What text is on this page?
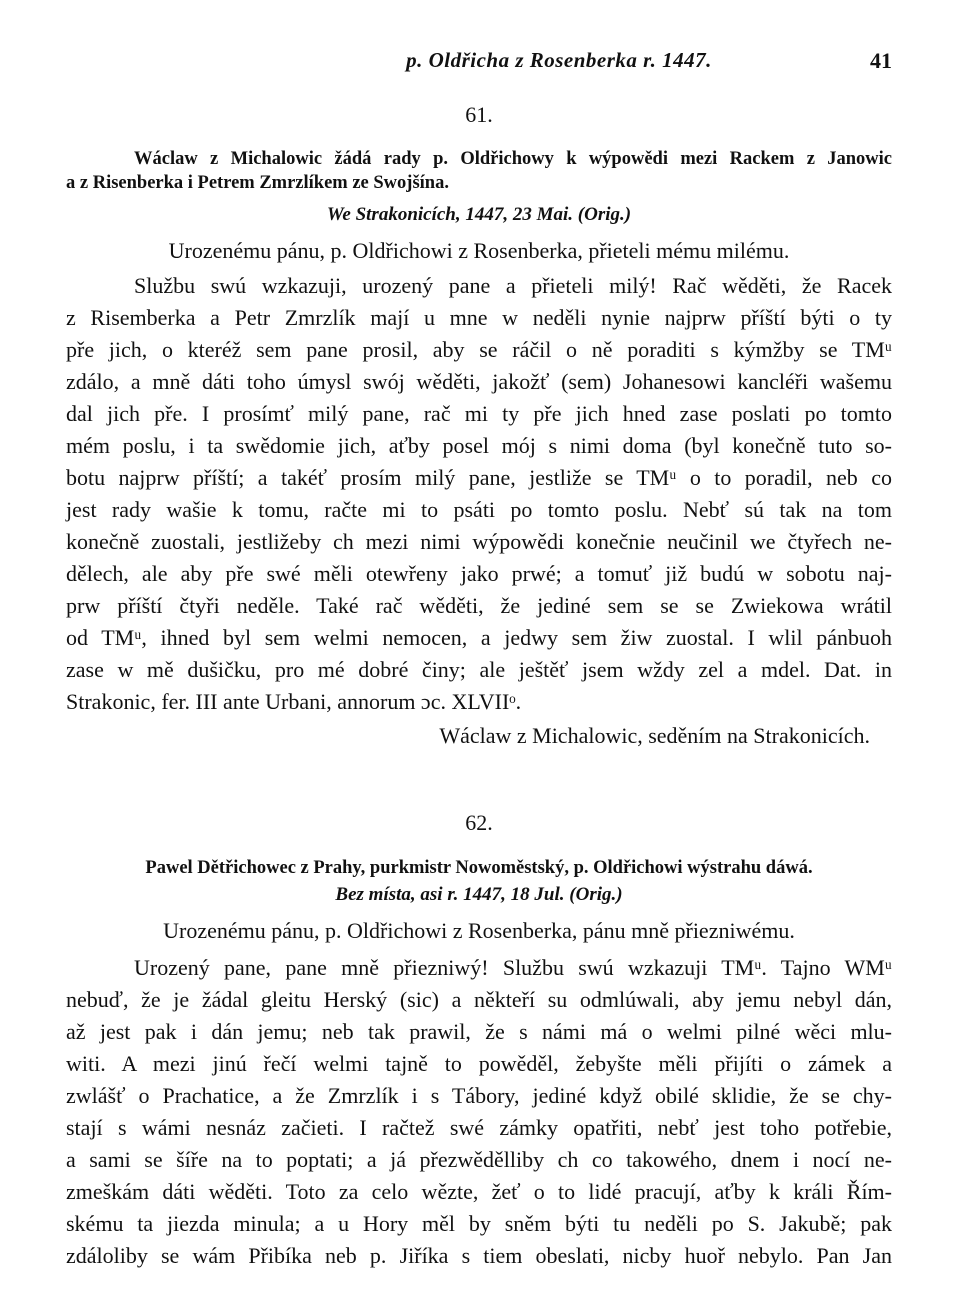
p. Oldřicha z Rosenberka r. 1447.	41
61.
Wáclaw z Michalowic žádá rady p. Oldřichowy k wýpowědi mezi Rackem z Janowic
a z Risenberka i Petrem Zmrzlíkem ze Swojšína.
We Strakonicích, 1447, 23 Mai. (Orig.)
Urozenému pánu, p. Oldřichowi z Rosenberka, přieteli mému milému.
Službu swú wzkazuji, urozený pane a přieteli milý! Rač wěděti, že Racek
z Risemberka a Petr Zmrzlík mají u mne w neděli nynie najprw příští býti o ty
pře jich, o kteréž sem pane prosil, aby se ráčil o ně poraditi s kýmžby se TMᵘ
zdálo, a mně dáti toho úmysl swój wěděti, jakožť (sem) Johanesowi kancléři wašemu
dal jich pře. I prosímť milý pane, rač mi ty pře jich hned zase poslati po tomto
mém poslu, i ta swědomie jich, aťby posel mój s nimi doma (byl konečně tuto so-
botu najprw příští; a takéť prosím milý pane, jestliže se TMᵘ o to poradil, neb co
jest rady wašie k tomu, račte mi to psáti po tomto poslu. Nebť sú tak na tom
konečně zuostali, jestližeby ch mezi nimi wýpowědi konečnie neučinil we čtyřech ne-
dělech, ale aby pře swé měli otewřeny jako prwé; a tomuť již budú w sobotu naj-
prw příští čtyři neděle. Také rač wěděti, že jediné sem se se Zwiekowa wrátil
od TMᵘ, ihned byl sem welmi nemocen, a jedwy sem žiw zuostal. I wlil pánbuoh
zase w mě dušičku, pro mé dobré činy; ale ještěť jsem wždy zel a mdel. Dat. in
Strakonic, fer. III ante Urbani, annorum ɔc. XLVIIᵒ.
Wáclaw z Michalowic, seděním na Strakonicích.
62.
Pawel Dětřichowec z Prahy, purkmistr Nowoměstský, p. Oldřichowi wýstrahu dáwá.
Bez místa, asi r. 1447, 18 Jul. (Orig.)
Urozenému pánu, p. Oldřichowi z Rosenberka, pánu mně přiezniwému.
Urozený pane, pane mně přiezniwý! Službu swú wzkazuji TMᵘ. Tajno WMᵘ
nebuď, že je žádal gleitu Herský (sic) a někteří su odmlúwali, aby jemu nebyl dán,
až jest pak i dán jemu; neb tak prawil, že s námi má o welmi pilné wěci mlu-
witi. A mezi jinú řečí welmi tajně to powěděl, žebyšte měli přijíti o zámek a
zwlášť o Prachatice, a že Zmrzlík i s Tábory, jediné když obilé sklidie, že se chy-
stají s wámi nesnáz začieti. I račtež swé zámky opatřiti, nebť jest toho potřebie,
a sami se šíře na to poptati; a já přezwědělliby ch co takowého, dnem i nocí ne-
zmeškám dáti wěděti. Toto za celo wězte, žeť o to lidé pracují, aťby k králi Řím-
skému ta jiezda minula; a u Hory měl by sněm býti tu neděli po S. Jakubě; pak
zdáloliby se wám Přibíka neb p. Jiříka s tiem obeslati, nicby huoř nebylo. Pan Jan
